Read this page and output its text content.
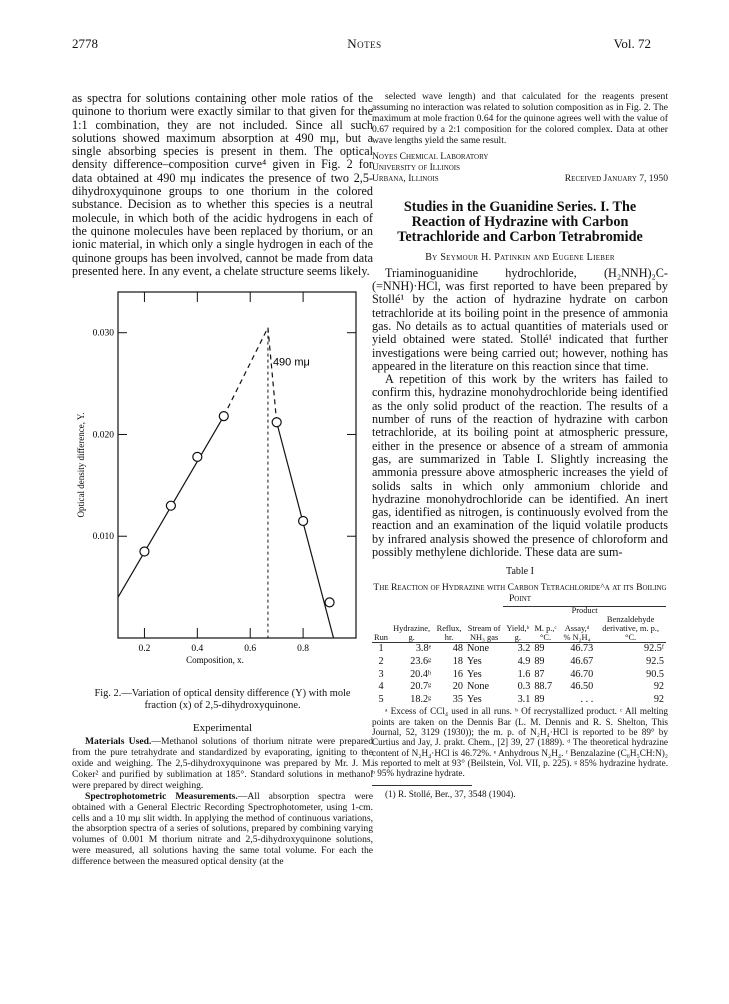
2778	Notes	Vol. 72

as spectra for solutions containing other mole ratios of the quinone to thorium were exactly similar to that given for the 1:1 combination, they are not included. Since all such solutions showed maximum absorption at 490 mμ, but a single absorbing species is present in them. The optical density difference–composition curve⁴ given in Fig. 2 for data obtained at 490 mμ indicates the presence of two 2,5-dihydroxyquinone groups to one thorium in the colored substance. Decision as to whether this species is a neutral molecule, in which both of the acidic hydrogens in each of the quinone molecules have been replaced by thorium, or an ionic material, in which only a single hydrogen in each of the quinone groups has been involved, cannot be made from data presented here. In any event, a chelate structure seems likely.

0.2	0.4	0.6	0.8
0.010
0.020
0.030
Composition, x.
Optical density difference, Y.
490 mμ

Fig. 2.—Variation of optical density difference (Y) with mole fraction (x) of 2,5-dihydroxyquinone.

Experimental

Materials Used.—Methanol solutions of thorium nitrate were prepared from the pure tetrahydrate and standardized by evaporating, igniting to the oxide and weighing. The 2,5-dihydroxyquinone was prepared by Mr. J. M. Coker² and purified by sublimation at 185°. Standard solutions in methanol were prepared by direct weighing.

Spectrophotometric Measurements.—All absorption spectra were obtained with a General Electric Recording Spectrophotometer, using 1-cm. cells and a 10 mμ slit width. In applying the method of continuous variations, the absorption spectra of a series of solutions, prepared by combining varying volumes of 0.001 M thorium nitrate and 2,5-dihydroxyquinone solutions, were measured, all solutions having the same total volume. For each the difference between the measured optical density (at the

selected wave length) and that calculated for the reagents present assuming no interaction was related to solution composition as in Fig. 2. The maximum at mole fraction 0.64 for the quinone agrees well with the value of 0.67 required by a 2:1 composition for the colored complex. Data at other wave lengths yield the same result.

Noyes Chemical Laboratory
University of Illinois
Urbana, Illinois	Received January 7, 1950
Studies in the Guanidine Series. I. The Reaction of Hydrazine with Carbon Tetrachloride and Carbon Tetrabromide
By Seymour H. Patinkin and Eugene Lieber

Triaminoguanidine hydrochloride, (H₂NNH)₂C-(=NNH)·HCl, was first reported to have been prepared by Stollé¹ by the action of hydrazine hydrate on carbon tetrachloride at its boiling point in the presence of ammonia gas. No details as to actual quantities of materials used or yield obtained were stated. Stollé¹ indicated that further investigations were being carried out; however, nothing has appeared in the literature on this reaction since that time.

A repetition of this work by the writers has failed to confirm this, hydrazine monohydrochloride being identified as the only solid product of the reaction. The results of a number of runs of the reaction of hydrazine with carbon tetrachloride, at its boiling point at atmospheric pressure, either in the presence or absence of a stream of ammonia gas, are summarized in Table I. Slightly increasing the ammonia pressure above atmospheric increases the yield of solids salts in which only ammonium chloride and hydrazine monohydrochloride can be identified. An inert gas, identified as nitrogen, is continuously evolved from the reaction and an examination of the liquid volatile products by infrared analysis showed the presence of chloroform and possibly methylene dichloride. These data are sum-

Table I
The Reaction of Hydrazine with Carbon Tetrachloride^a at its Boiling Point
				Product			
Run	Hydrazine, g.	Reflux, hr.	Stream of NH₃ gas	Yield,ᵇ g.	M. p.,ᶜ °C.	Assay,ᵈ % N₂H₄	Benzaldehyde derivative, m. p., °C.
1	3.8ᵉ	48	None	3.2	89	46.73	92.5ᶠ
2	23.6ᵍ	18	Yes	4.9	89	46.67	92.5
3	20.4ʰ	16	Yes	1.6	87	46.70	90.5
4	20.7ᵍ	20	None	0.3	88.7	46.50	92
5	18.2ᵍ	35	Yes	3.1	89	. . .	92

ᵃ Excess of CCl₄ used in all runs. ᵇ Of recrystallized product. ᶜ All melting points are taken on the Dennis Bar (L. M. Dennis and R. S. Shelton, This Journal, 52, 3129 (1930)); the m. p. of N₂H₄·HCl is reported to be 89° by Curtius and Jay, J. prakt. Chem., [2] 39, 27 (1889). ᵈ The theoretical hydrazine content of N₂H₄·HCl is 46.72%. ᵉ Anhydrous N₂H₄. ᶠ Benzalazine (C₆H₅CH:N)₂ is reported to melt at 93° (Beilstein, Vol. VII, p. 225). ᵍ 85% hydrazine hydrate. ʰ 95% hydrazine hydrate.

(1) R. Stollé, Ber., 37, 3548 (1904).
